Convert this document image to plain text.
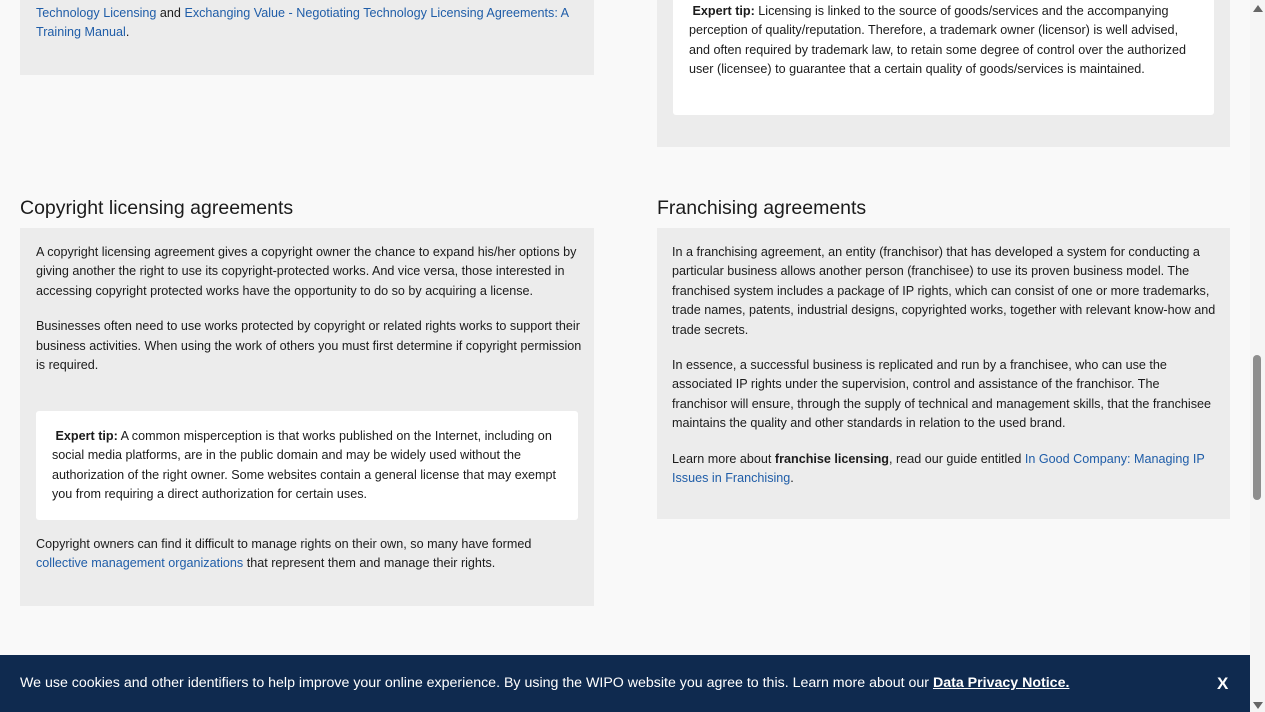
Technology Licensing and Exchanging Value - Negotiating Technology Licensing Agreements: A Training Manual.

Expert tip: Licensing is linked to the source of goods/services and the accompanying perception of quality/reputation. Therefore, a trademark owner (licensor) is well advised, and often required by trademark law, to retain some degree of control over the authorized user (licensee) to guarantee that a certain quality of goods/services is maintained.

Copyright licensing agreements

A copyright licensing agreement gives a copyright owner the chance to expand his/her options by giving another the right to use its copyright-protected works. And vice versa, those interested in accessing copyright protected works have the opportunity to do so by acquiring a license.

Businesses often need to use works protected by copyright or related rights works to support their business activities. When using the work of others you must first determine if copyright permission is required.

Expert tip: A common misperception is that works published on the Internet, including on social media platforms, are in the public domain and may be widely used without the authorization of the right owner. Some websites contain a general license that may exempt you from requiring a direct authorization for certain uses.

Copyright owners can find it difficult to manage rights on their own, so many have formed collective management organizations that represent them and manage their rights.

Franchising agreements

In a franchising agreement, an entity (franchisor) that has developed a system for conducting a particular business allows another person (franchisee) to use its proven business model. The franchised system includes a package of IP rights, which can consist of one or more trademarks, trade names, patents, industrial designs, copyrighted works, together with relevant know-how and trade secrets.

In essence, a successful business is replicated and run by a franchisee, who can use the associated IP rights under the supervision, control and assistance of the franchisor. The franchisor will ensure, through the supply of technical and management skills, that the franchisee maintains the quality and other standards in relation to the used brand.

Learn more about franchise licensing, read our guide entitled In Good Company: Managing IP Issues in Franchising.

We use cookies and other identifiers to help improve your online experience. By using the WIPO website you agree to this. Learn more about our Data Privacy Notice.	X
